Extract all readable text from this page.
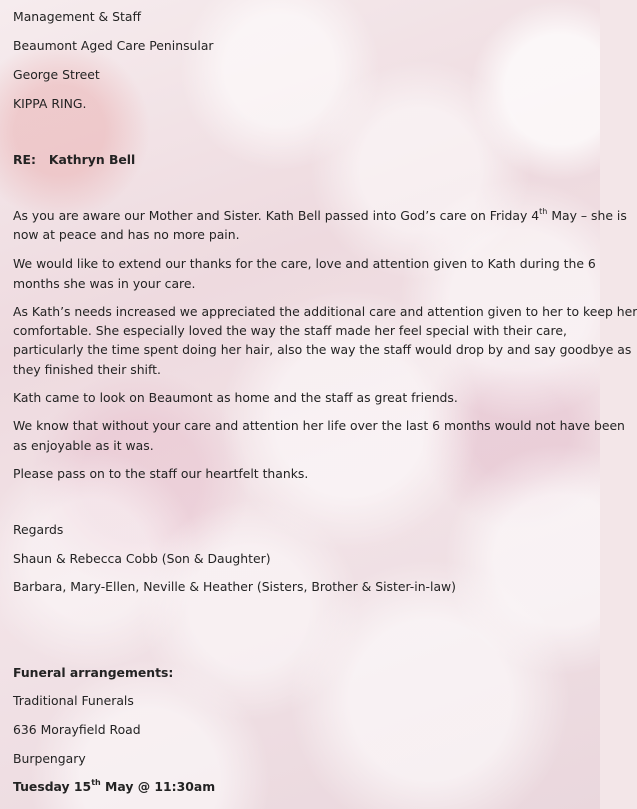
Management & Staff

Beaumont Aged Care Peninsular

George Street

KIPPA RING.

RE: Kathryn Bell

As you are aware our Mother and Sister. Kath Bell passed into God’s care on Friday 4th May – she is

now at peace and has no more pain.

We would like to extend our thanks for the care, love and attention given to Kath during the 6

months she was in your care.

As Kath’s needs increased we appreciated the additional care and attention given to her to keep her

comfortable. She especially loved the way the staff made her feel special with their care,

particularly the time spent doing her hair, also the way the staff would drop by and say goodbye as

they finished their shift.

Kath came to look on Beaumont as home and the staff as great friends.

We know that without your care and attention her life over the last 6 months would not have been

as enjoyable as it was.

Please pass on to the staff our heartfelt thanks.

Regards

Shaun & Rebecca Cobb (Son & Daughter)

Barbara, Mary-Ellen, Neville & Heather (Sisters, Brother & Sister-in-law)

Funeral arrangements:

Traditional Funerals

636 Morayfield Road

Burpengary

Tuesday 15th May @ 11:30am
